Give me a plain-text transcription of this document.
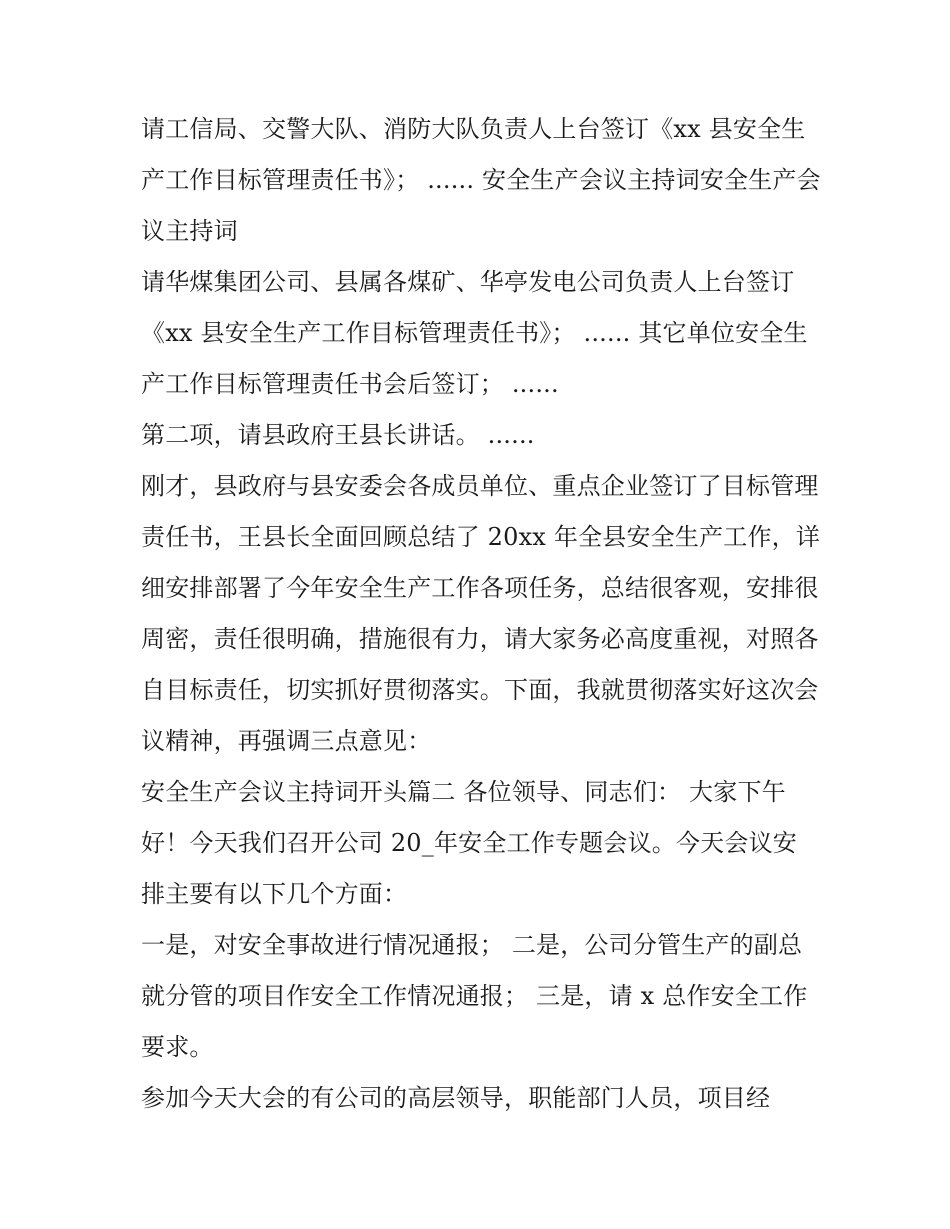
请工信局、交警大队、消防大队负责人上台签订《xx 县安全生产工作目标管理责任书》； ...... 安全生产会议主持词安全生产会议主持词

请华煤集团公司、县属各煤矿、华亭发电公司负责人上台签订《xx 县安全生产工作目标管理责任书》； ...... 其它单位安全生产工作目标管理责任书会后签订； ......

第二项，请县政府王县长讲话。 ......

刚才，县政府与县安委会各成员单位、重点企业签订了目标管理责任书，王县长全面回顾总结了 20xx 年全县安全生产工作，详细安排部署了今年安全生产工作各项任务，总结很客观，安排很周密，责任很明确，措施很有力，请大家务必高度重视，对照各自目标责任，切实抓好贯彻落实。下面，我就贯彻落实好这次会议精神，再强调三点意见：

安全生产会议主持词开头篇二 各位领导、同志们： 大家下午好！今天我们召开公司 20_年安全工作专题会议。今天会议安排主要有以下几个方面：

一是，对安全事故进行情况通报； 二是，公司分管生产的副总就分管的项目作安全工作情况通报； 三是，请 x 总作安全工作要求。

参加今天大会的有公司的高层领导，职能部门人员，项目经
